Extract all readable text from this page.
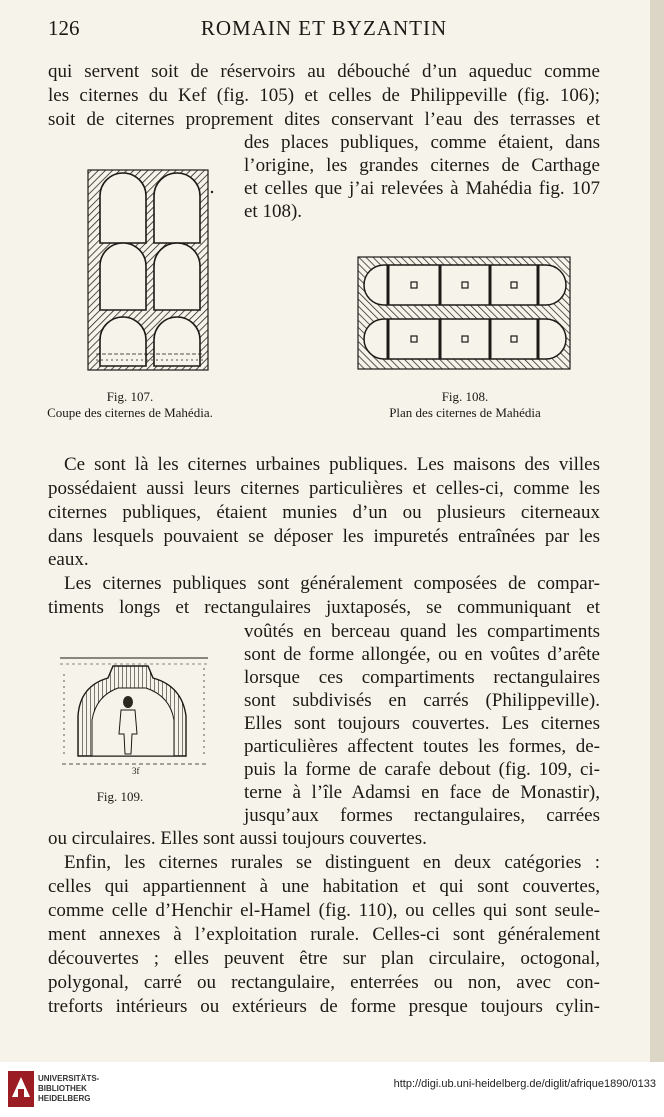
126	ROMAIN ET BYZANTIN
qui servent soit de réservoirs au débouché d’un aqueduc comme
les citernes du Kef (fig. 105) et celles de Philippeville (fig. 106);
soit de citernes proprement dites conservant l’eau des terrasses et
des places publiques, comme étaient, dans
l’origine, les grandes citernes de Carthage
et celles que j’ai relevées à Mahédia fig. 107
et 108).
Fig. 107.
Coupe des citernes de Mahédia.
Fig. 108.
Plan des citernes de Mahédia
Ce sont là les citernes urbaines publiques. Les maisons des villes
possédaient aussi leurs citernes particulières et celles-ci, comme les
citernes publiques, étaient munies d’un ou plusieurs citerneaux
dans lesquels pouvaient se déposer les impuretés entraînées par les
eaux.
Les citernes publiques sont généralement composées de compar-
timents longs et rectangulaires juxtaposés, se communiquant et
voûtés en berceau quand les compartiments
sont de forme allongée, ou en voûtes d’arête
lorsque ces compartiments rectangulaires
sont subdivisés en carrés (Philippeville).
Elles sont toujours couvertes. Les citernes
particulières affectent toutes les formes, de-
puis la forme de carafe debout (fig. 109, ci-
terne à l’île Adamsi en face de Monastir),
jusqu’aux formes rectangulaires, carrées
3f
Fig. 109.
ou circulaires. Elles sont aussi toujours couvertes.
Enfin, les citernes rurales se distinguent en deux catégories :
celles qui appartiennent à une habitation et qui sont couvertes,
comme celle d’Henchir el-Hamel (fig. 110), ou celles qui sont seule-
ment annexes à l’exploitation rurale. Celles-ci sont généralement
découvertes ; elles peuvent être sur plan circulaire, octogonal,
polygonal, carré ou rectangulaire, enterrées ou non, avec con-
treforts intérieurs ou extérieurs de forme presque toujours cylin-
UNIVERSITÄTS-
BIBLIOTHEK
HEIDELBERG
http://digi.ub.uni-heidelberg.de/diglit/afrique1890/0133
